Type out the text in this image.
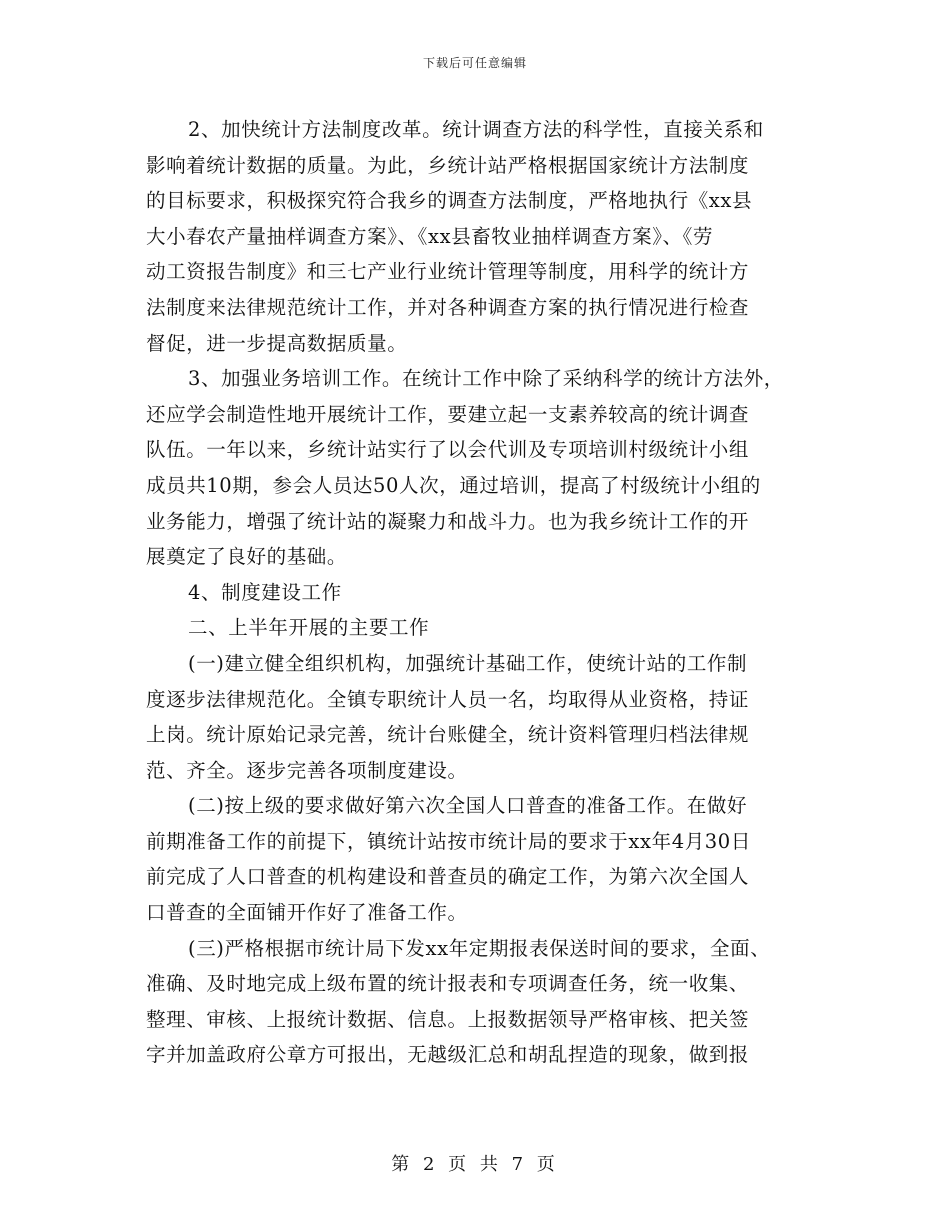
下载后可任意编辑
2、加快统计方法制度改革。统计调查方法的科学性，直接关系和
影响着统计数据的质量。为此，乡统计站严格根据国家统计方法制度
的目标要求，积极探究符合我乡的调查方法制度，严格地执行《xx县
大小春农产量抽样调查方案》、《xx县畜牧业抽样调查方案》、《劳
动工资报告制度》和三七产业行业统计管理等制度，用科学的统计方
法制度来法律规范统计工作，并对各种调查方案的执行情况进行检查
督促，进一步提高数据质量。
3、加强业务培训工作。在统计工作中除了采纳科学的统计方法外，
还应学会制造性地开展统计工作，要建立起一支素养较高的统计调查
队伍。一年以来，乡统计站实行了以会代训及专项培训村级统计小组
成员共10期，参会人员达50人次，通过培训，提高了村级统计小组的
业务能力，增强了统计站的凝聚力和战斗力。也为我乡统计工作的开
展奠定了良好的基础。
4、制度建设工作
二、上半年开展的主要工作
(一)建立健全组织机构，加强统计基础工作，使统计站的工作制
度逐步法律规范化。全镇专职统计人员一名，均取得从业资格，持证
上岗。统计原始记录完善，统计台账健全，统计资料管理归档法律规
范、齐全。逐步完善各项制度建设。
(二)按上级的要求做好第六次全国人口普查的准备工作。在做好
前期准备工作的前提下，镇统计站按市统计局的要求于xx年4月30日
前完成了人口普查的机构建设和普查员的确定工作，为第六次全国人
口普查的全面铺开作好了准备工作。
(三)严格根据市统计局下发xx年定期报表保送时间的要求，全面、
准确、及时地完成上级布置的统计报表和专项调查任务，统一收集、
整理、审核、上报统计数据、信息。上报数据领导严格审核、把关签
字并加盖政府公章方可报出，无越级汇总和胡乱捏造的现象，做到报
第 2 页 共 7 页
